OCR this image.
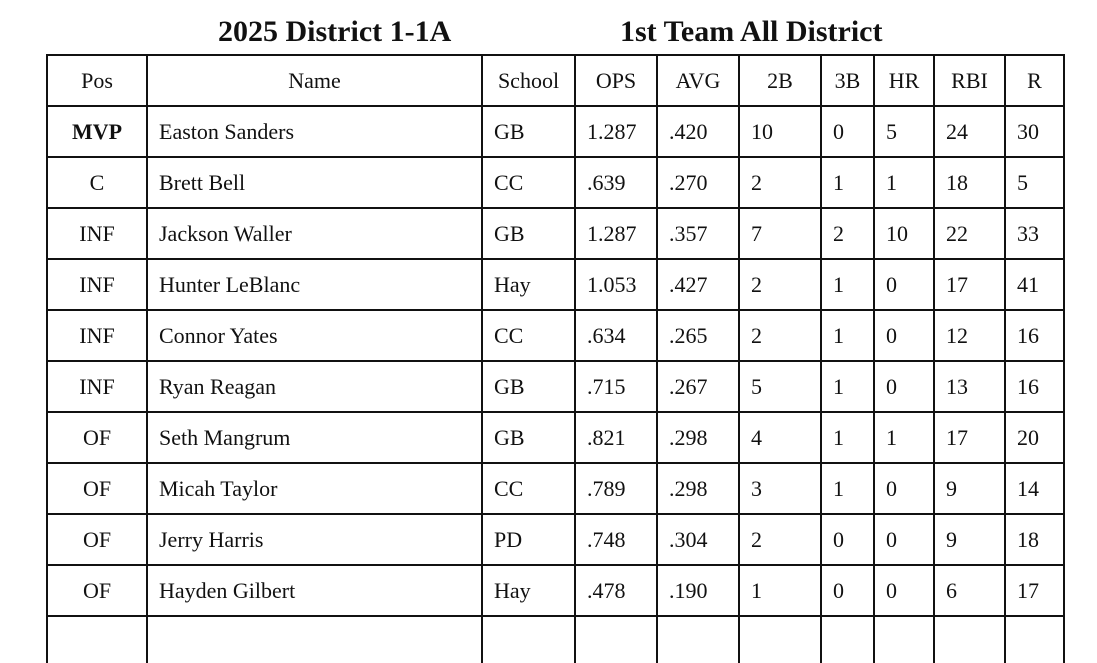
2025 District 1-1A	1st Team All District
Pos	Name	School	OPS	AVG	2B	3B	HR	RBI	R
MVP	Easton Sanders	GB	1.287	.420	10	0	5	24	30
C	Brett Bell	CC	.639	.270	2	1	1	18	5
INF	Jackson Waller	GB	1.287	.357	7	2	10	22	33
INF	Hunter LeBlanc	Hay	1.053	.427	2	1	0	17	41
INF	Connor Yates	CC	.634	.265	2	1	0	12	16
INF	Ryan Reagan	GB	.715	.267	5	1	0	13	16
OF	Seth Mangrum	GB	.821	.298	4	1	1	17	20
OF	Micah Taylor	CC	.789	.298	3	1	0	9	14
OF	Jerry Harris	PD	.748	.304	2	0	0	9	18
OF	Hayden Gilbert	Hay	.478	.190	1	0	0	6	17
